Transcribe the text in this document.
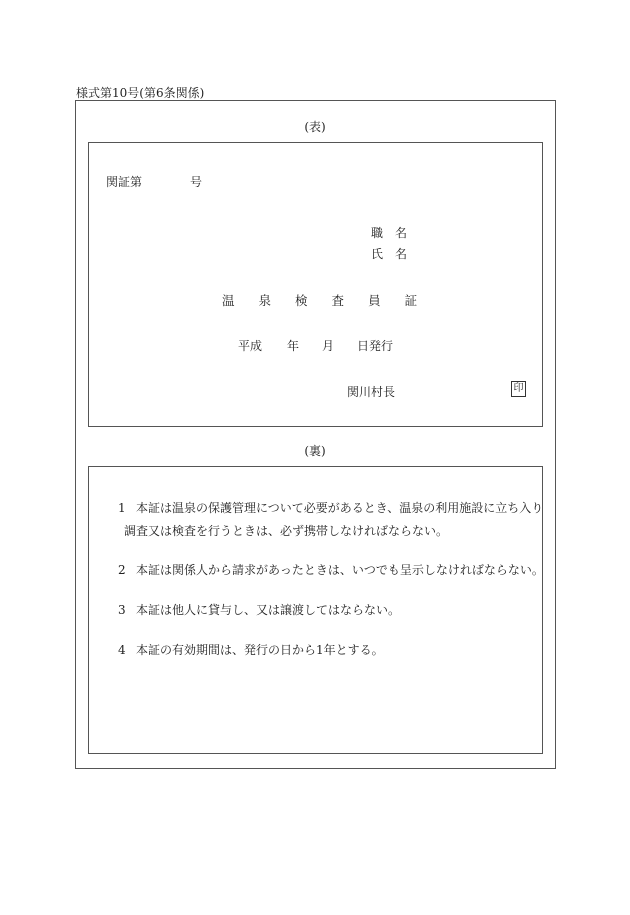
様式第10号(第6条関係)
(表)
関証第	号
職　名
氏　名
温 泉 検 査 員 証
平成 年 月 日発行
関川村長	印
(裏)
1 本証は温泉の保護管理について必要があるとき、温泉の利用施設に立ち入り
調査又は検査を行うときは、必ず携帯しなければならない。
2 本証は関係人から請求があったときは、いつでも呈示しなければならない。
3 本証は他人に貸与し、又は譲渡してはならない。
4 本証の有効期間は、発行の日から1年とする。
